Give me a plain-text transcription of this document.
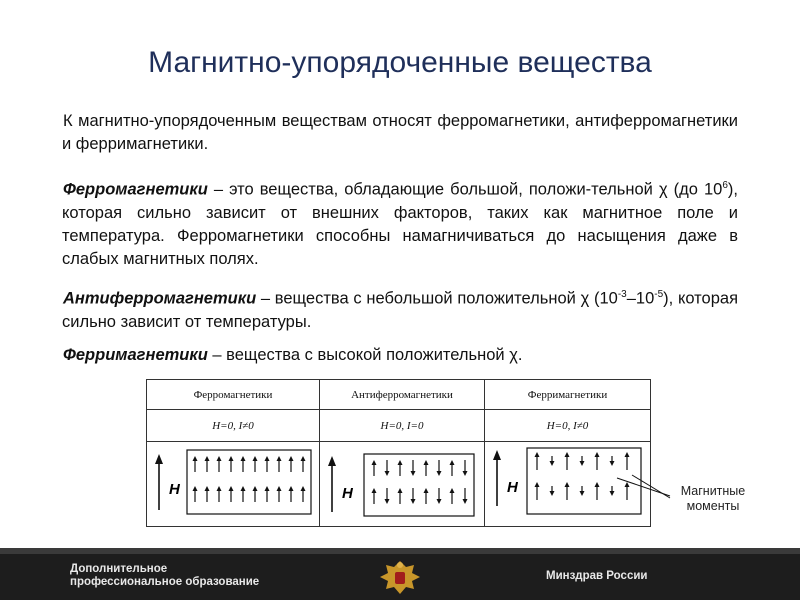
Магнитно-упорядоченные вещества
К магнитно-упорядоченным веществам относят ферромагнетики, антиферромагнетики и ферримагнетики.
Ферромагнетики – это вещества, обладающие большой, положи-тельной χ (до $10^6$), которая сильно зависит от внешних факторов, таких как магнитное поле и температура. Ферромагнетики способны намагничиваться до насыщения даже в слабых магнитных полях.
Антиферромагнетики – вещества с небольшой положительной χ $(10^{-3}-10^{-5})$, которая сильно зависит от температуры.
Ферримагнетики – вещества с высокой положительной χ.
Ферромагнетики	Антиферромагнетики	Ферримагнетики
H=0, I≠0	H=0, I=0	H=0, I≠0

H	H	H	Магнитные
моменты
Дополнительное
профессиональное образование	Минздрав России
